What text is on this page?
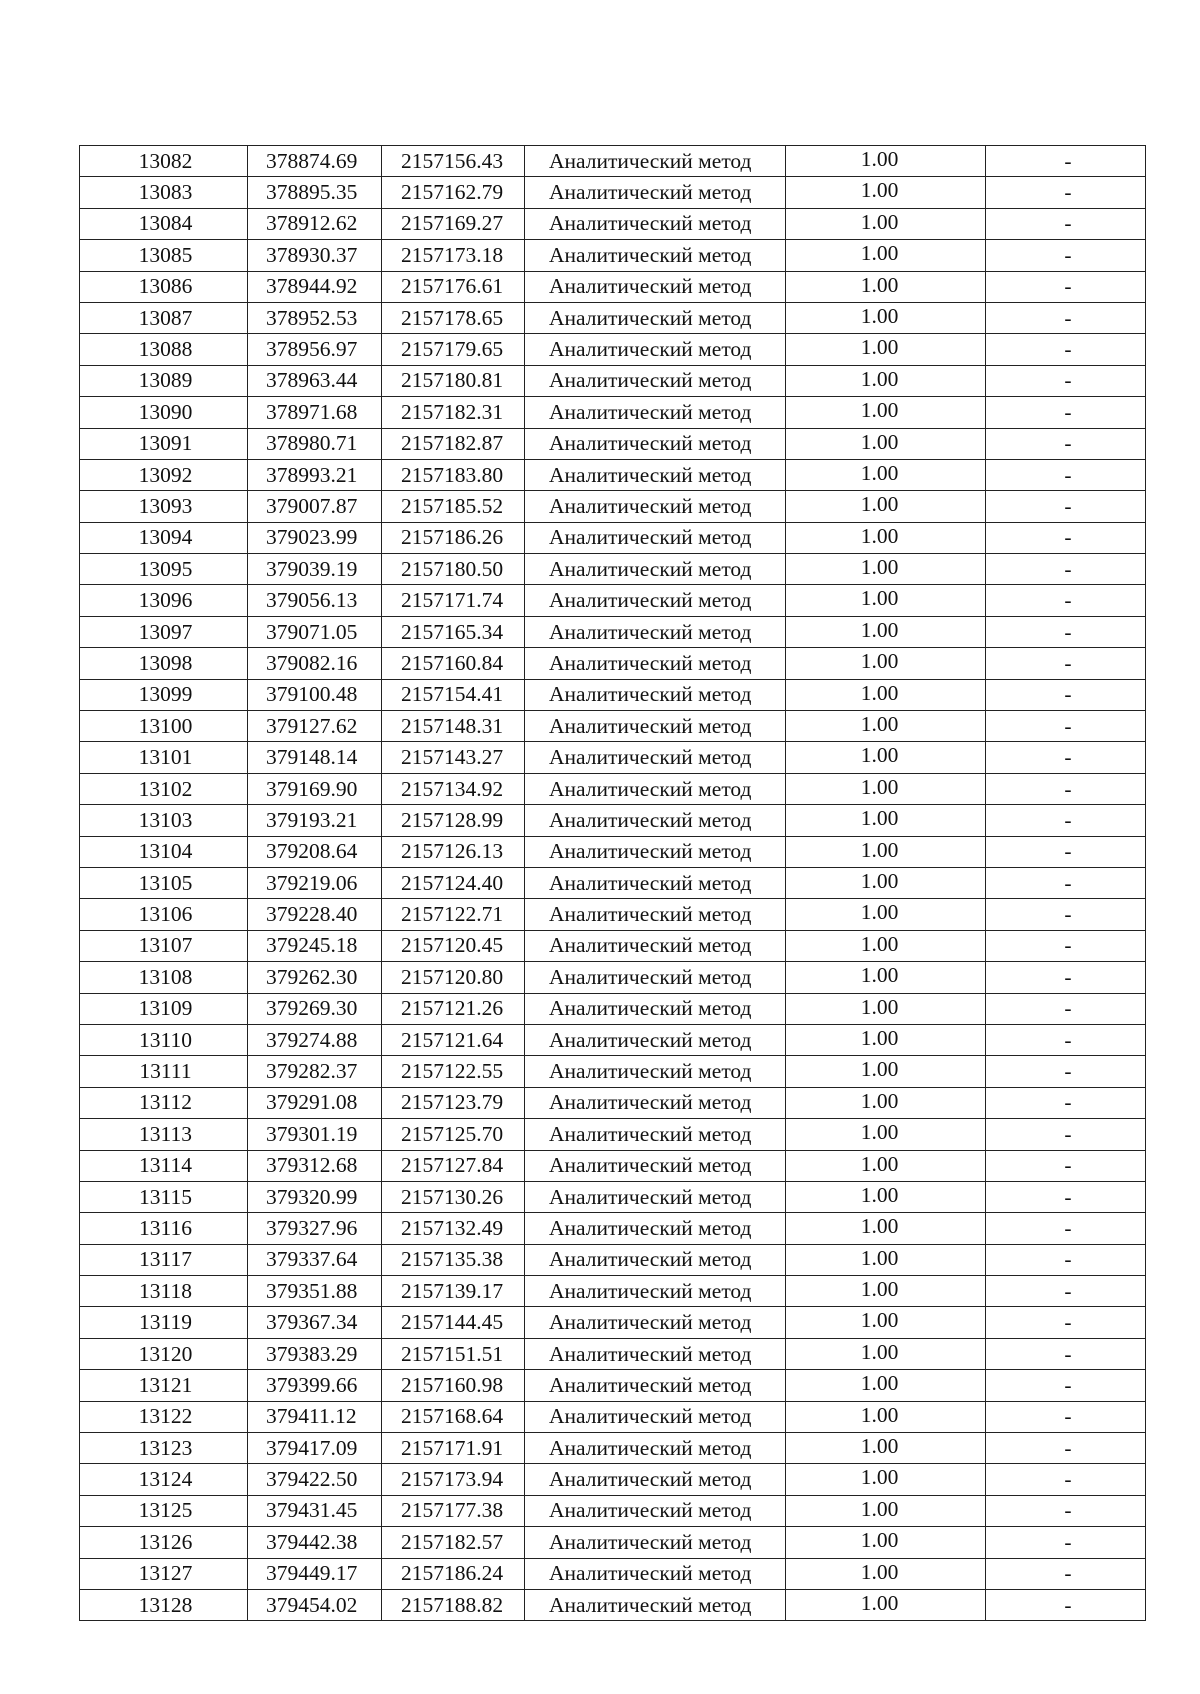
13082	378874.69	2157156.43	Аналитический метод	1.00	-
13083	378895.35	2157162.79	Аналитический метод	1.00	-
13084	378912.62	2157169.27	Аналитический метод	1.00	-
13085	378930.37	2157173.18	Аналитический метод	1.00	-
13086	378944.92	2157176.61	Аналитический метод	1.00	-
13087	378952.53	2157178.65	Аналитический метод	1.00	-
13088	378956.97	2157179.65	Аналитический метод	1.00	-
13089	378963.44	2157180.81	Аналитический метод	1.00	-
13090	378971.68	2157182.31	Аналитический метод	1.00	-
13091	378980.71	2157182.87	Аналитический метод	1.00	-
13092	378993.21	2157183.80	Аналитический метод	1.00	-
13093	379007.87	2157185.52	Аналитический метод	1.00	-
13094	379023.99	2157186.26	Аналитический метод	1.00	-
13095	379039.19	2157180.50	Аналитический метод	1.00	-
13096	379056.13	2157171.74	Аналитический метод	1.00	-
13097	379071.05	2157165.34	Аналитический метод	1.00	-
13098	379082.16	2157160.84	Аналитический метод	1.00	-
13099	379100.48	2157154.41	Аналитический метод	1.00	-
13100	379127.62	2157148.31	Аналитический метод	1.00	-
13101	379148.14	2157143.27	Аналитический метод	1.00	-
13102	379169.90	2157134.92	Аналитический метод	1.00	-
13103	379193.21	2157128.99	Аналитический метод	1.00	-
13104	379208.64	2157126.13	Аналитический метод	1.00	-
13105	379219.06	2157124.40	Аналитический метод	1.00	-
13106	379228.40	2157122.71	Аналитический метод	1.00	-
13107	379245.18	2157120.45	Аналитический метод	1.00	-
13108	379262.30	2157120.80	Аналитический метод	1.00	-
13109	379269.30	2157121.26	Аналитический метод	1.00	-
13110	379274.88	2157121.64	Аналитический метод	1.00	-
13111	379282.37	2157122.55	Аналитический метод	1.00	-
13112	379291.08	2157123.79	Аналитический метод	1.00	-
13113	379301.19	2157125.70	Аналитический метод	1.00	-
13114	379312.68	2157127.84	Аналитический метод	1.00	-
13115	379320.99	2157130.26	Аналитический метод	1.00	-
13116	379327.96	2157132.49	Аналитический метод	1.00	-
13117	379337.64	2157135.38	Аналитический метод	1.00	-
13118	379351.88	2157139.17	Аналитический метод	1.00	-
13119	379367.34	2157144.45	Аналитический метод	1.00	-
13120	379383.29	2157151.51	Аналитический метод	1.00	-
13121	379399.66	2157160.98	Аналитический метод	1.00	-
13122	379411.12	2157168.64	Аналитический метод	1.00	-
13123	379417.09	2157171.91	Аналитический метод	1.00	-
13124	379422.50	2157173.94	Аналитический метод	1.00	-
13125	379431.45	2157177.38	Аналитический метод	1.00	-
13126	379442.38	2157182.57	Аналитический метод	1.00	-
13127	379449.17	2157186.24	Аналитический метод	1.00	-
13128	379454.02	2157188.82	Аналитический метод	1.00	-
